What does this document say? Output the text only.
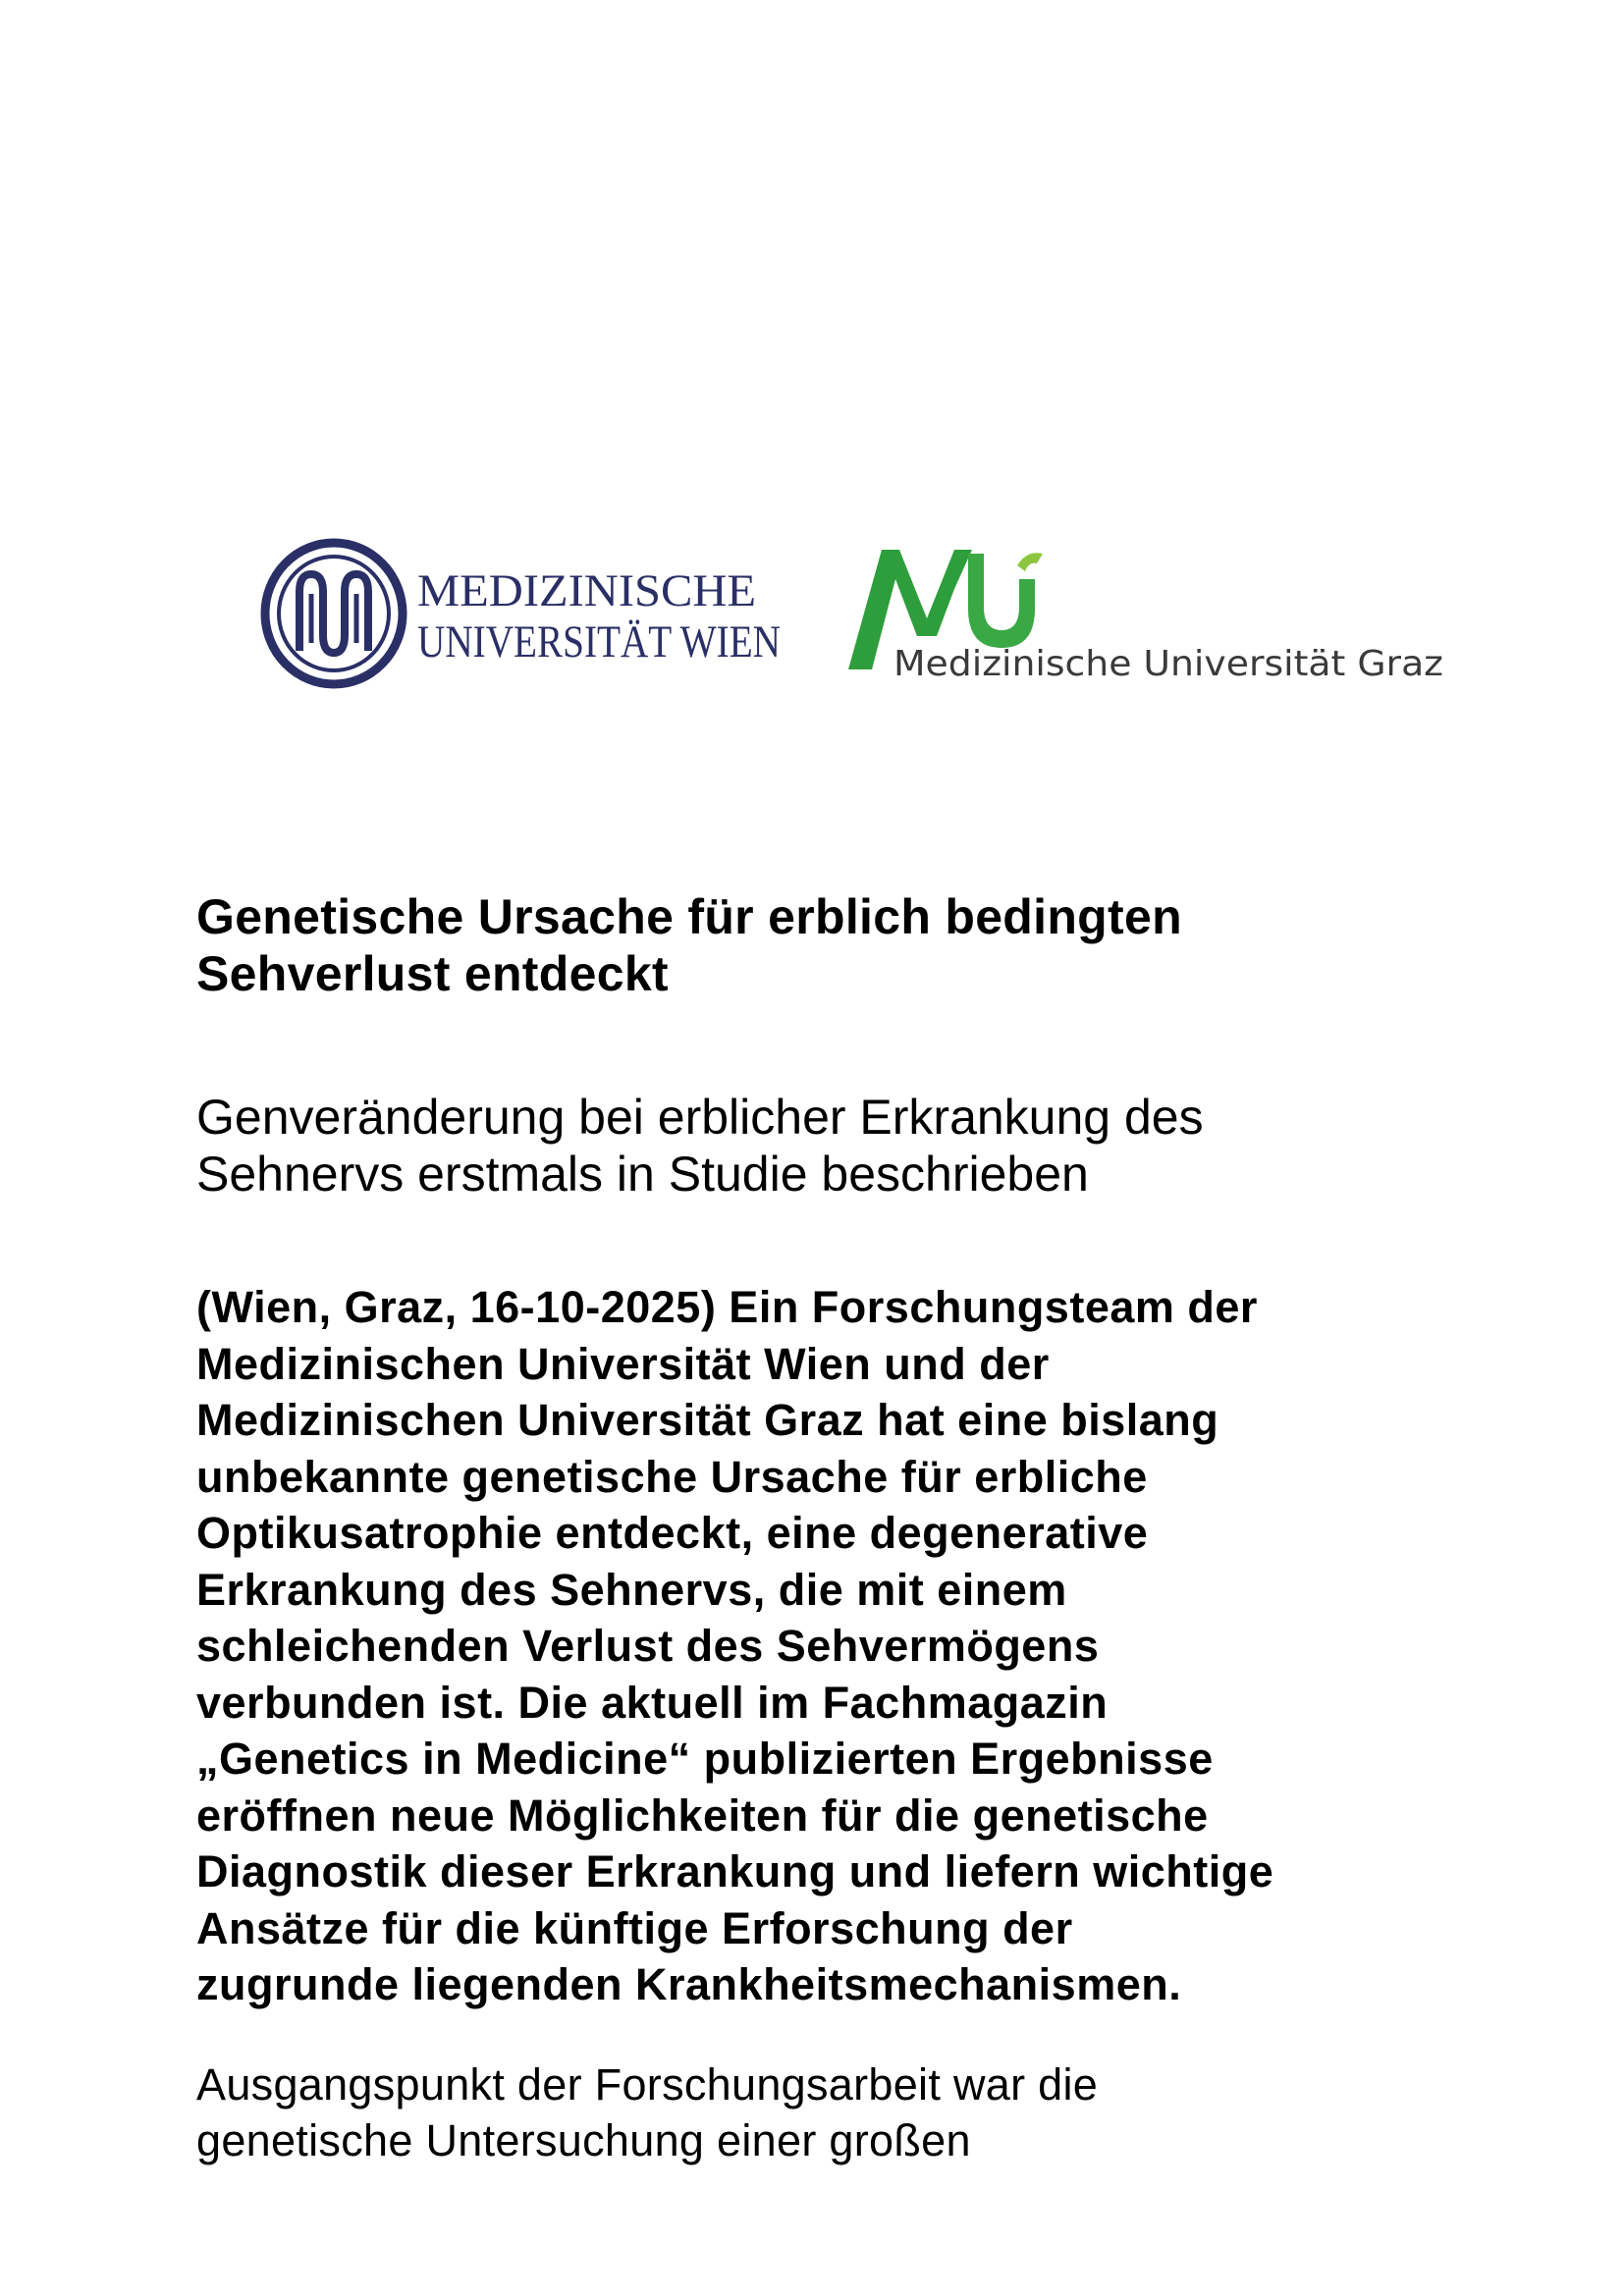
MEDIZINISCHE
UNIVERSITÄT WIEN	Medizinische Universität Graz
Genetische Ursache für erblich bedingten
Sehverlust entdeckt
Genveränderung bei erblicher Erkrankung des
Sehnervs erstmals in Studie beschrieben

(Wien, Graz, 16-10-2025) Ein Forschungsteam der
Medizinischen Universität Wien und der
Medizinischen Universität Graz hat eine bislang
unbekannte genetische Ursache für erbliche
Optikusatrophie entdeckt, eine degenerative
Erkrankung des Sehnervs, die mit einem
schleichenden Verlust des Sehvermögens
verbunden ist. Die aktuell im Fachmagazin
„Genetics in Medicine“ publizierten Ergebnisse
eröffnen neue Möglichkeiten für die genetische
Diagnostik dieser Erkrankung und liefern wichtige
Ansätze für die künftige Erforschung der
zugrunde liegenden Krankheitsmechanismen.

Ausgangspunkt der Forschungsarbeit war die
genetische Untersuchung einer großen
